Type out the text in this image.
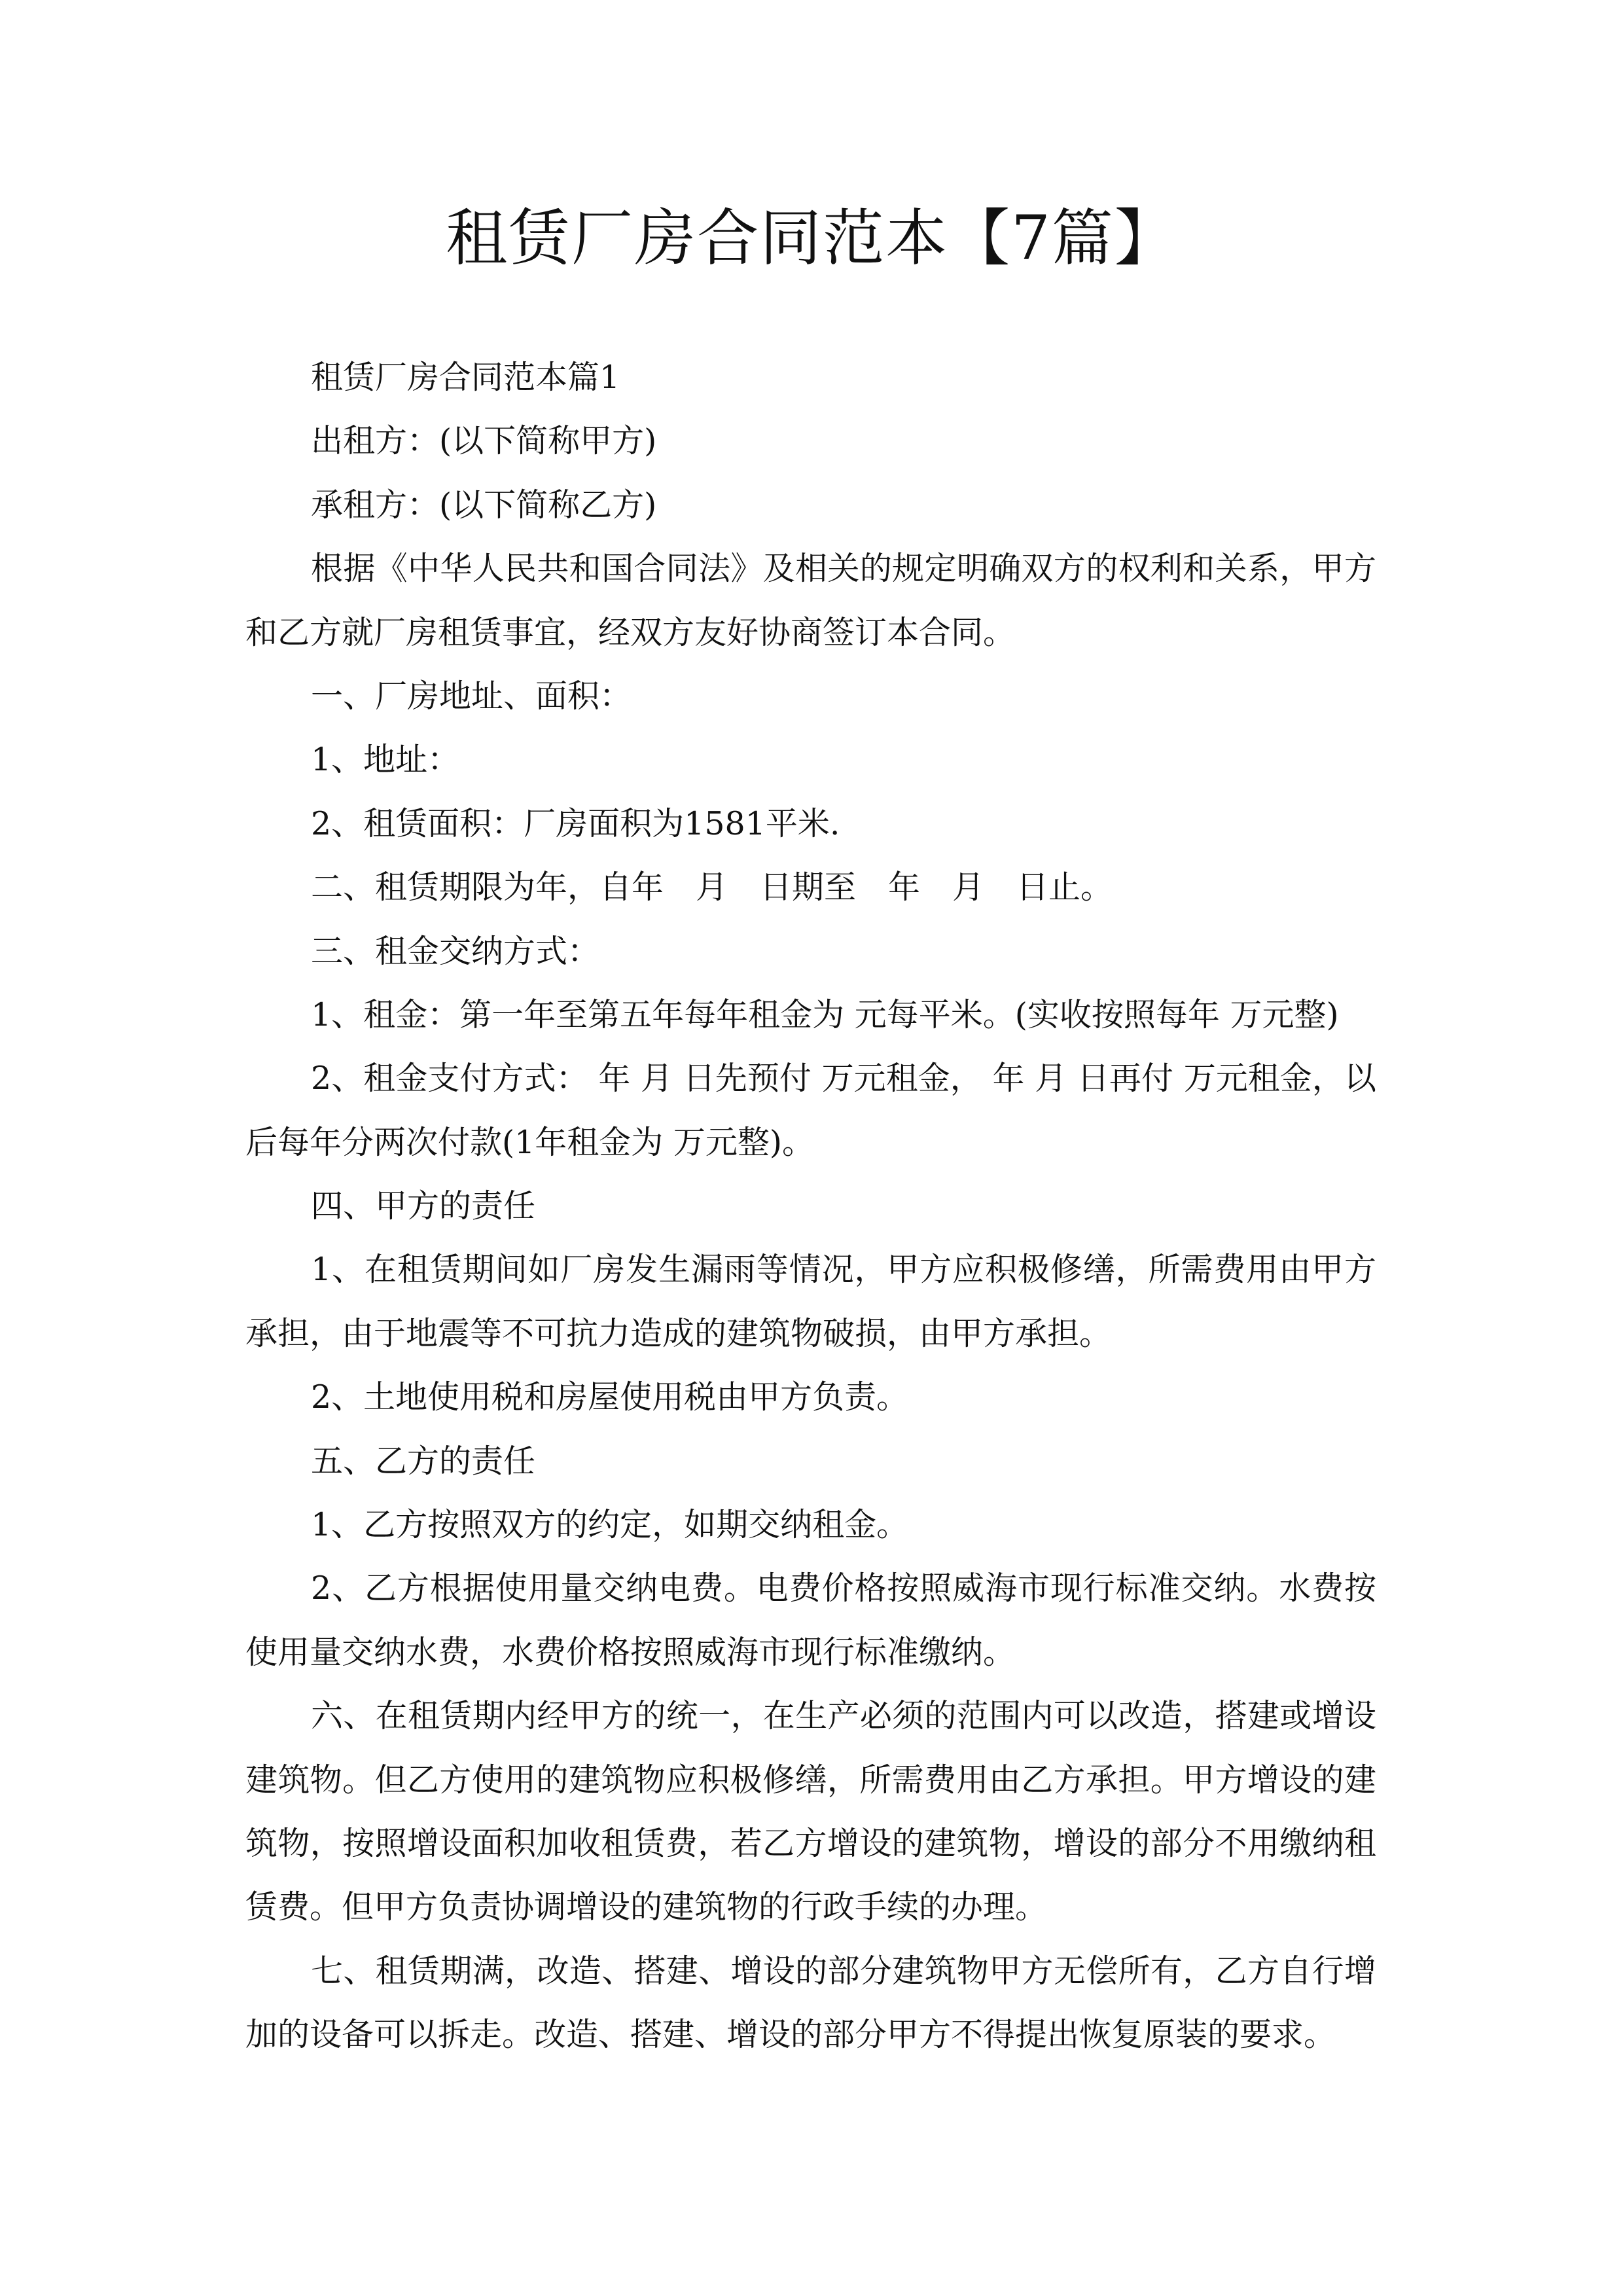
租赁厂房合同范本【7篇】
租赁厂房合同范本篇1
出租方：(以下简称甲方)
承租方：(以下简称乙方)
根据《中华人民共和国合同法》及相关的规定明确双方的权利和关系，甲方
和乙方就厂房租赁事宜，经双方友好协商签订本合同。
一、厂房地址、面积：
1、地址：
2、租赁面积：厂房面积为1581平米.
二、租赁期限为年，自年　月　日期至　年　月　日止。
三、租金交纳方式：
1、租金：第一年至第五年每年租金为 元每平米。(实收按照每年 万元整)
2、租金支付方式： 年 月 日先预付 万元租金， 年 月 日再付 万元租金，以
后每年分两次付款(1年租金为 万元整)。
四、甲方的责任
1、在租赁期间如厂房发生漏雨等情况，甲方应积极修缮，所需费用由甲方
承担，由于地震等不可抗力造成的建筑物破损，由甲方承担。
2、土地使用税和房屋使用税由甲方负责。
五、乙方的责任
1、乙方按照双方的约定，如期交纳租金。
2、乙方根据使用量交纳电费。电费价格按照威海市现行标准交纳。水费按
使用量交纳水费，水费价格按照威海市现行标准缴纳。
六、在租赁期内经甲方的统一，在生产必须的范围内可以改造，搭建或增设
建筑物。但乙方使用的建筑物应积极修缮，所需费用由乙方承担。甲方增设的建
筑物，按照增设面积加收租赁费，若乙方增设的建筑物，增设的部分不用缴纳租
赁费。但甲方负责协调增设的建筑物的行政手续的办理。
七、租赁期满，改造、搭建、增设的部分建筑物甲方无偿所有，乙方自行增
加的设备可以拆走。改造、搭建、增设的部分甲方不得提出恢复原装的要求。
